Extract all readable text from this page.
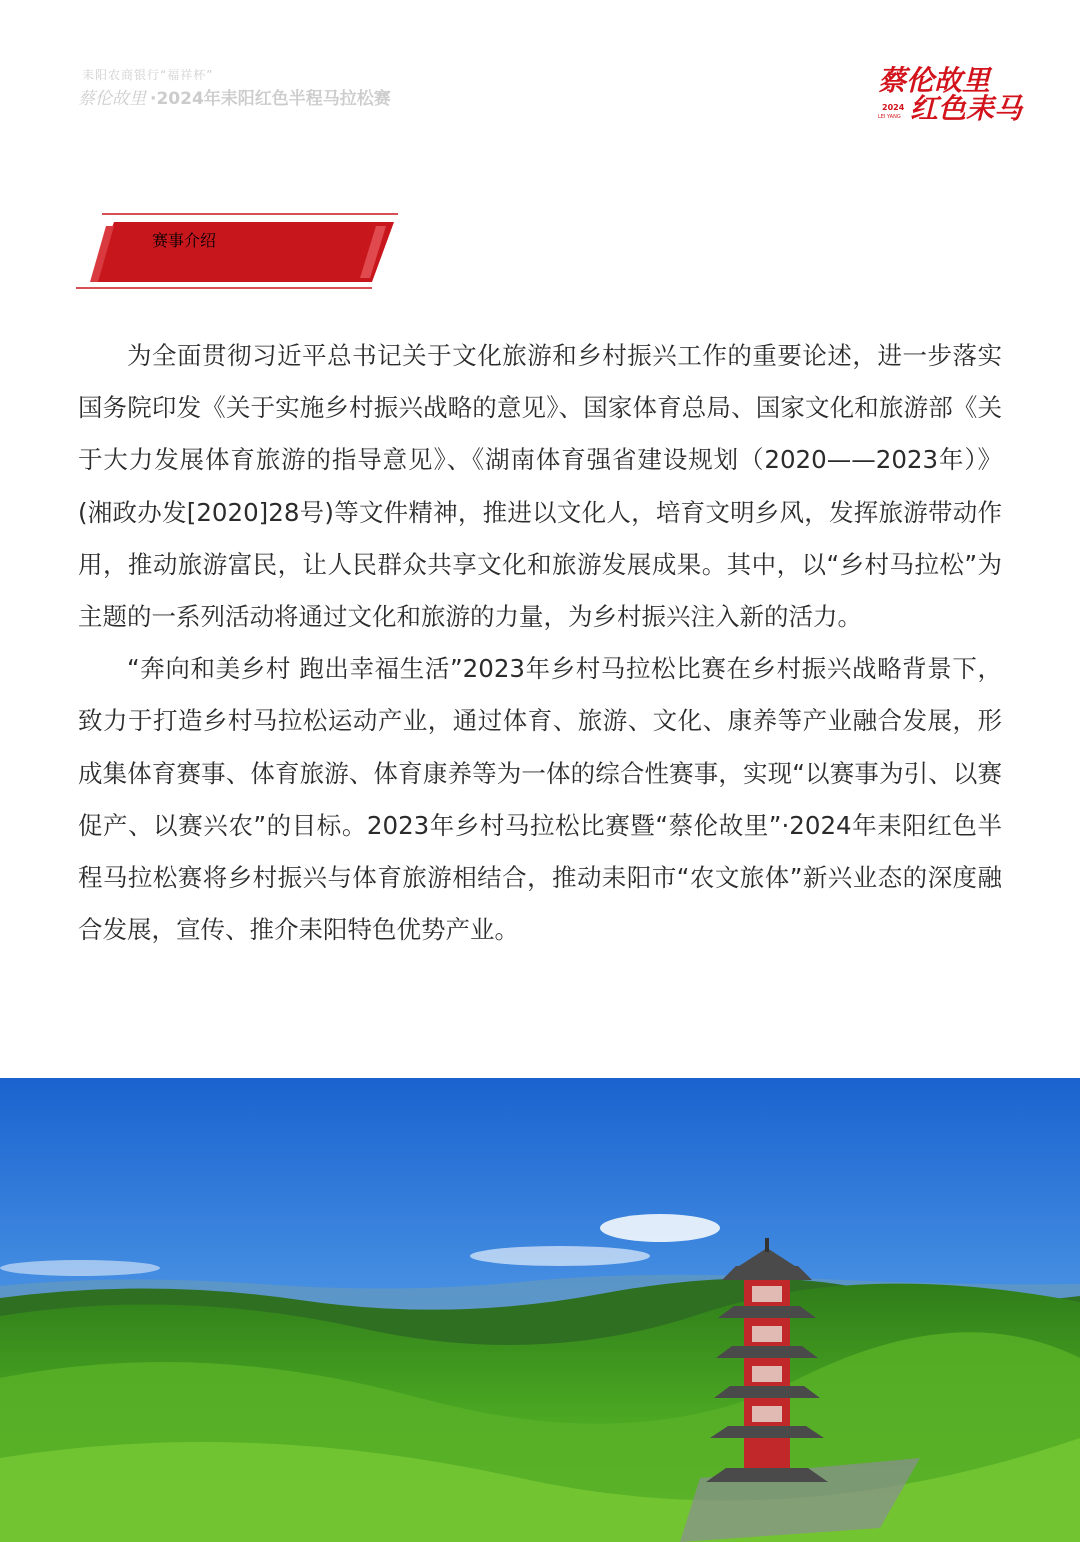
耒阳农商银行“福祥杯”
蔡伦故里 ·2024年耒阳红色半程马拉松赛
蔡伦故里
红色耒马
2024
LEI YANG
赛事介绍

为全面贯彻习近平总书记关于文化旅游和乡村振兴工作的重要论述，进一步落实国务院印发《关于实施乡村振兴战略的意见》、国家体育总局、国家文化和旅游部《关于大力发展体育旅游的指导意见》、《湖南体育强省建设规划（2020——2023年）》(湘政办发[2020]28号)等文件精神，推进以文化人，培育文明乡风，发挥旅游带动作用，推动旅游富民，让人民群众共享文化和旅游发展成果。其中，以“乡村马拉松”为主题的一系列活动将通过文化和旅游的力量，为乡村振兴注入新的活力。

“奔向和美乡村 跑出幸福生活”2023年乡村马拉松比赛在乡村振兴战略背景下，致力于打造乡村马拉松运动产业，通过体育、旅游、文化、康养等产业融合发展，形成集体育赛事、体育旅游、体育康养等为一体的综合性赛事，实现“以赛事为引、以赛促产、以赛兴农”的目标。2023年乡村马拉松比赛暨“蔡伦故里”·2024年耒阳红色半程马拉松赛将乡村振兴与体育旅游相结合，推动耒阳市“农文旅体”新兴业态的深度融合发展，宣传、推介耒阳特色优势产业。
